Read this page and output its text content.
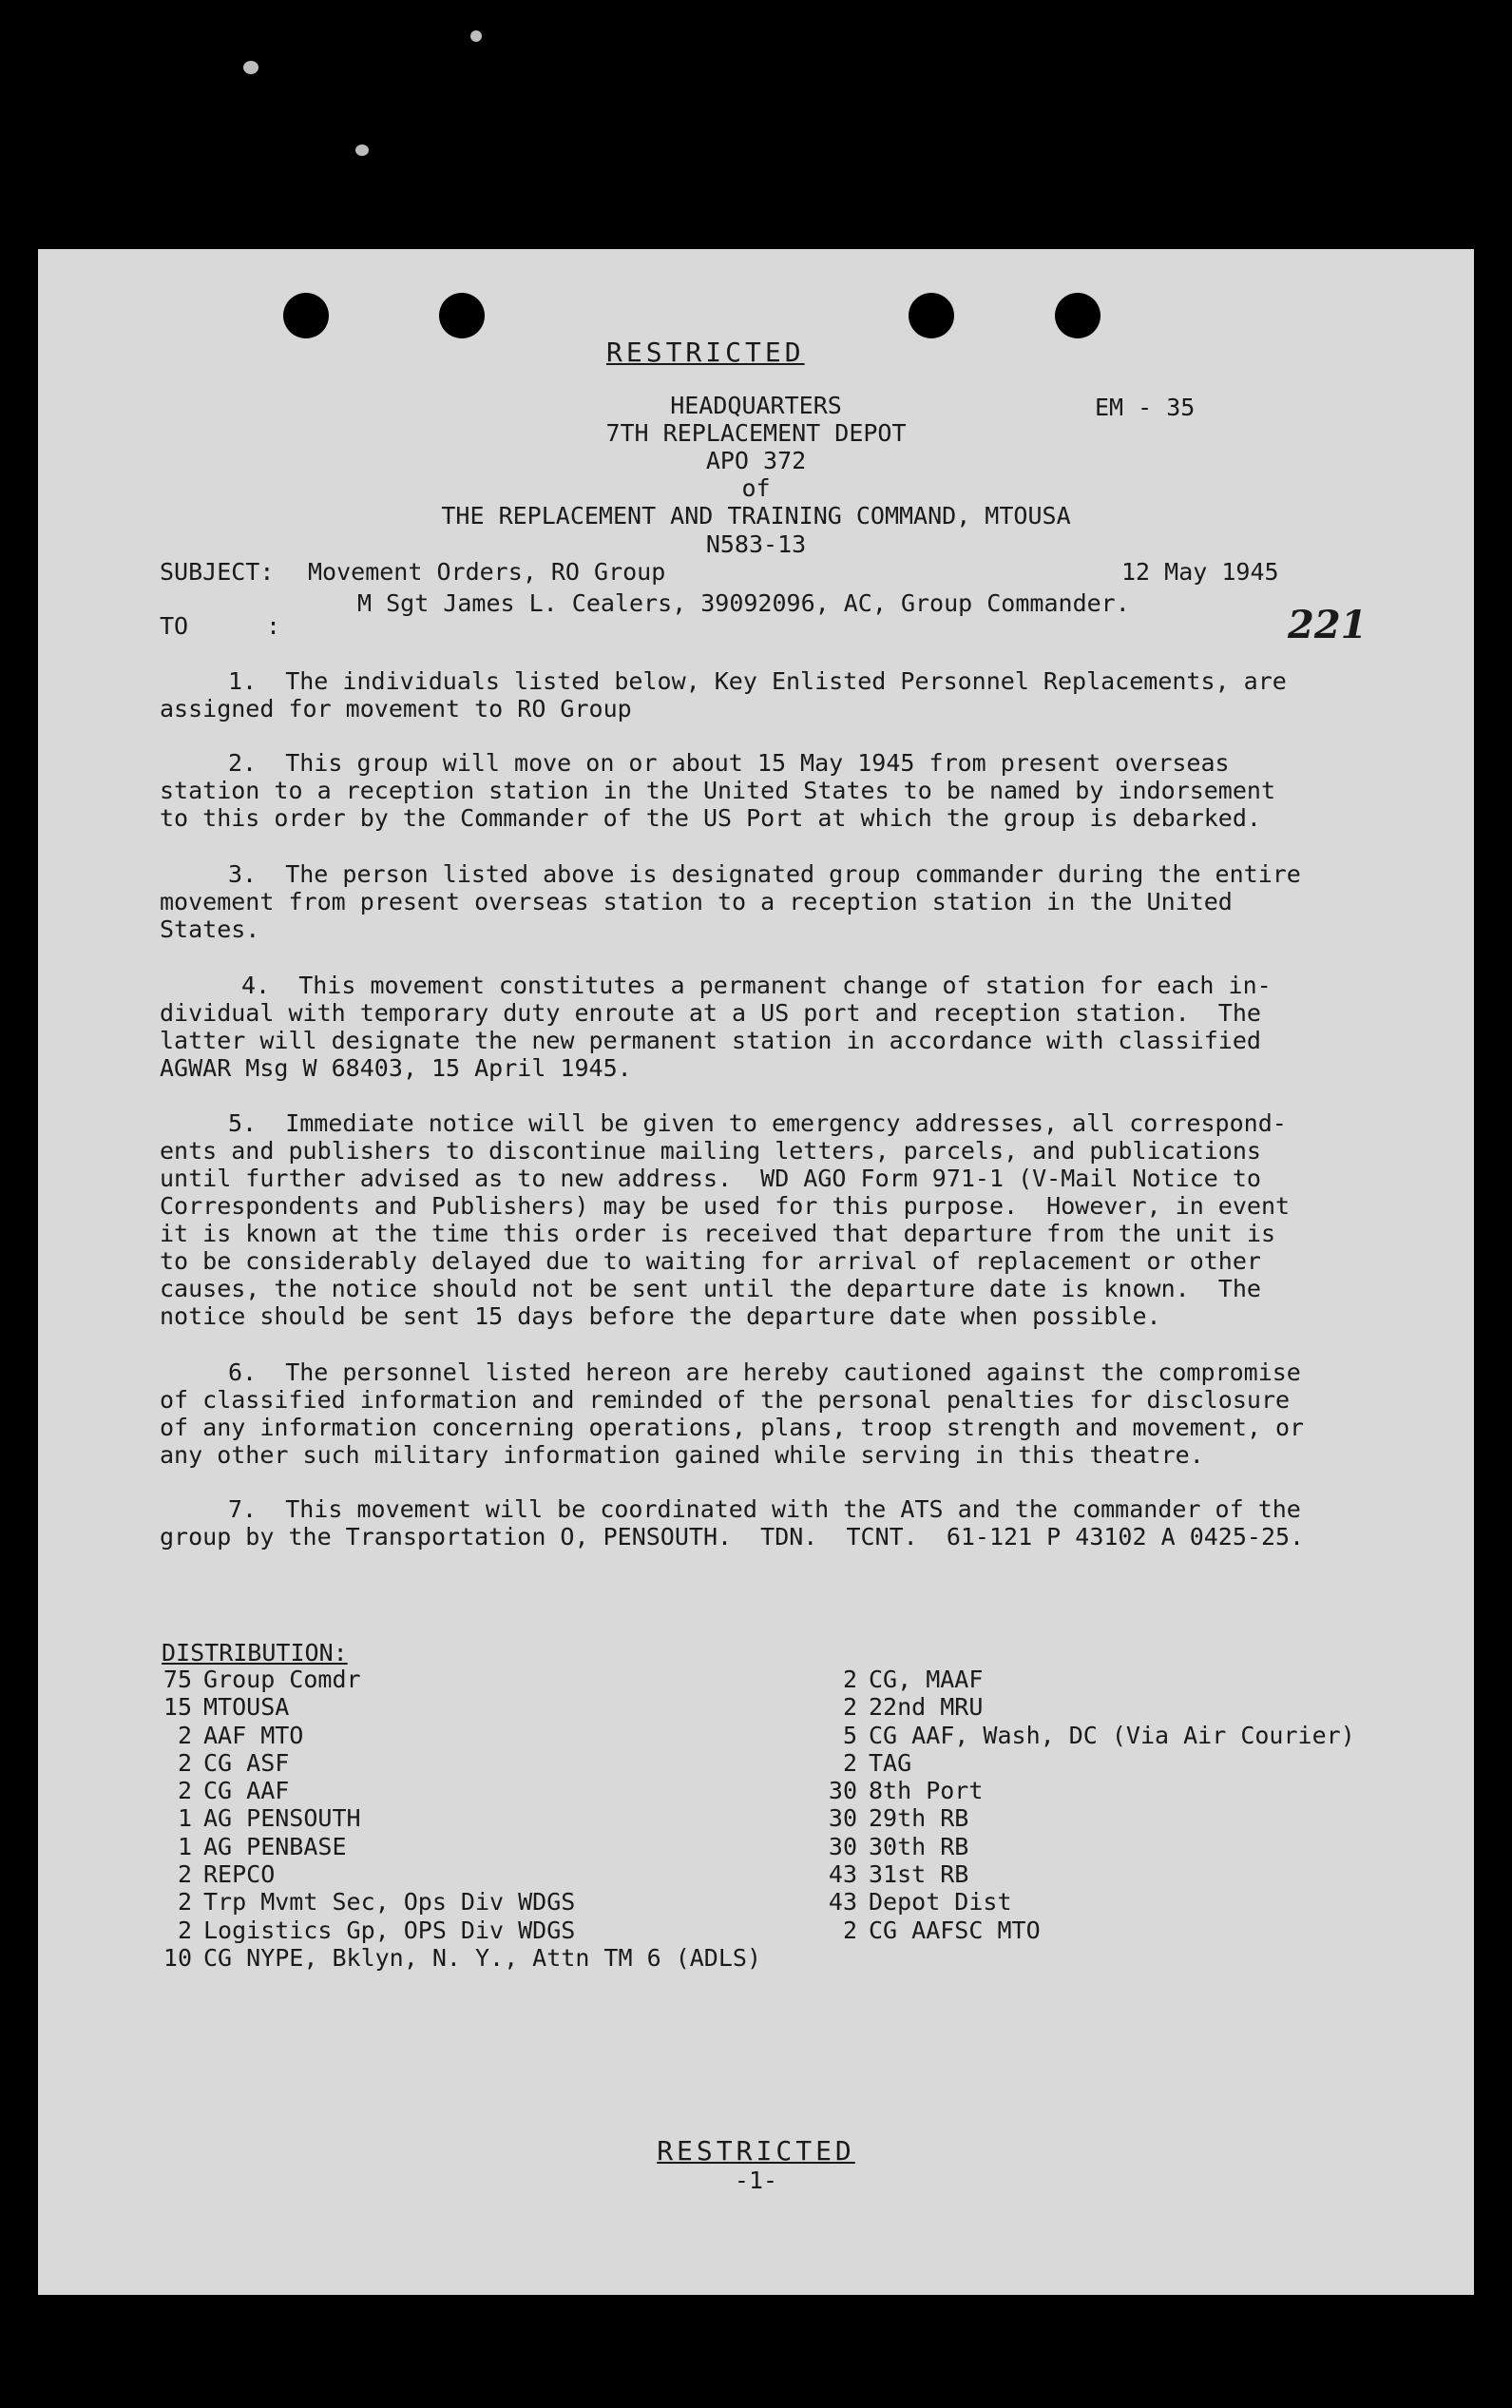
RESTRICTED
HEADQUARTERS
7TH REPLACEMENT DEPOT
APO 372
of
THE REPLACEMENT AND TRAINING COMMAND, MTOUSA
N583-13
EM - 35
SUBJECT: Movement Orders, RO Group	12 May 1945
TO	:
M Sgt James L. Cealers, 39092096, AC, Group Commander.	221

1.  The individuals listed below, Key Enlisted Personnel Replacements, are

assigned for movement to RO Group

2.  This group will move on or about 15 May 1945 from present overseas

station to a reception station in the United States to be named by indorsement

to this order by the Commander of the US Port at which the group is debarked.

3.  The person listed above is designated group commander during the entire

movement from present overseas station to a reception station in the United

States.

4.  This movement constitutes a permanent change of station for each in-

dividual with temporary duty enroute at a US port and reception station.  The

latter will designate the new permanent station in accordance with classified

AGWAR Msg W 68403, 15 April 1945.

5.  Immediate notice will be given to emergency addresses, all correspond-

ents and publishers to discontinue mailing letters, parcels, and publications

until further advised as to new address.  WD AGO Form 971-1 (V-Mail Notice to

Correspondents and Publishers) may be used for this purpose.  However, in event

it is known at the time this order is received that departure from the unit is

to be considerably delayed due to waiting for arrival of replacement or other

causes, the notice should not be sent until the departure date is known.  The

notice should be sent 15 days before the departure date when possible.

6.  The personnel listed hereon are hereby cautioned against the compromise

of classified information and reminded of the personal penalties for disclosure

of any information concerning operations, plans, troop strength and movement, or

any other such military information gained while serving in this theatre.

7.  This movement will be coordinated with the ATS and the commander of the

group by the Transportation O, PENSOUTH.  TDN.  TCNT.  61-121 P 43102 A 0425-25.

DISTRIBUTION:
75 Group Comdr
15 MTOUSA
2 AAF MTO
2 CG ASF
2 CG AAF
1 AG PENSOUTH
1 AG PENBASE
2 REPCO
2 Trp Mvmt Sec, Ops Div WDGS
2 Logistics Gp, OPS Div WDGS
10 CG NYPE, Bklyn, N. Y., Attn TM 6 (ADLS)
2 CG, MAAF
2 22nd MRU
5 CG AAF, Wash, DC (Via Air Courier)
2 TAG
30 8th Port
30 29th RB
30 30th RB
43 31st RB
43 Depot Dist
2 CG AAFSC MTO
RESTRICTED
-1-
